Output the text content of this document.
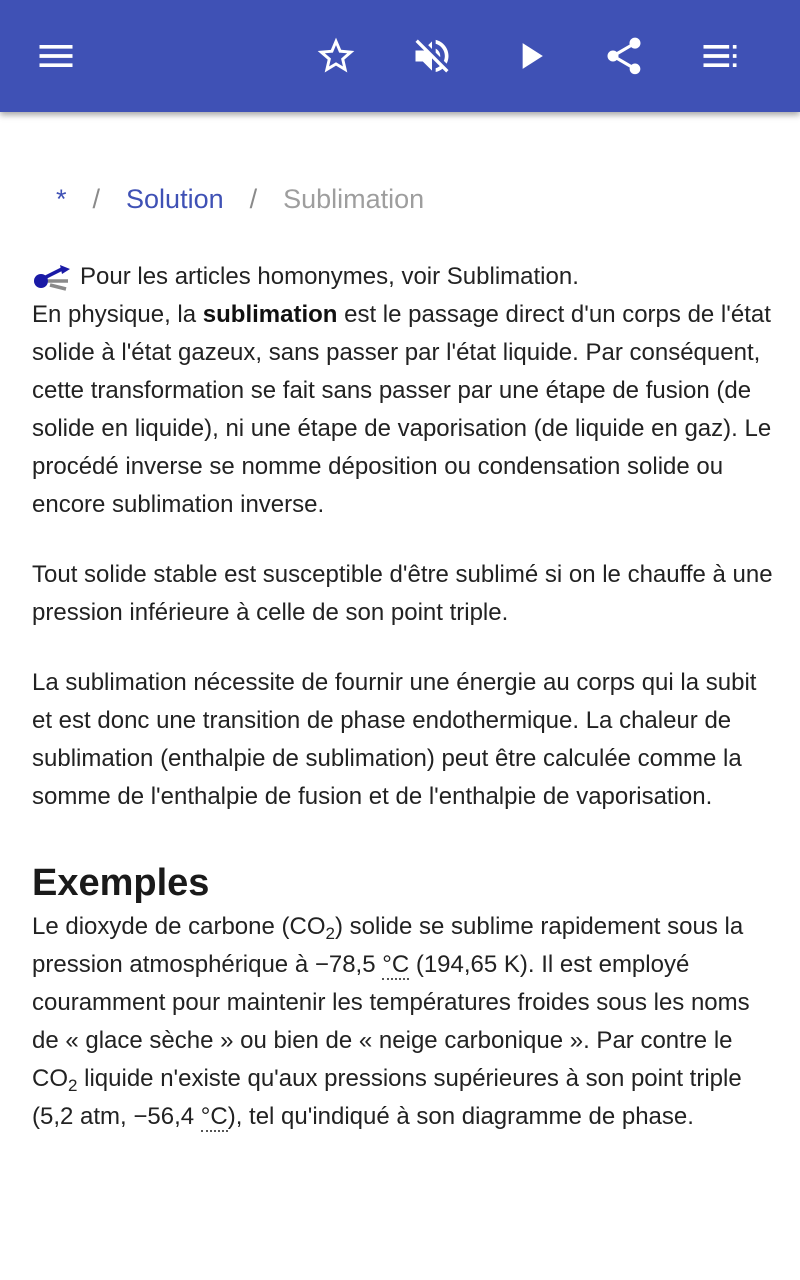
* / Solution / Sublimation

Pour les articles homonymes, voir Sublimation.

En physique, la sublimation est le passage direct d'un corps de l'état solide à l'état gazeux, sans passer par l'état liquide. Par conséquent, cette transformation se fait sans passer par une étape de fusion (de solide en liquide), ni une étape de vaporisation (de liquide en gaz). Le procédé inverse se nomme déposition ou condensation solide ou encore sublimation inverse.

Tout solide stable est susceptible d'être sublimé si on le chauffe à une pression inférieure à celle de son point triple.

La sublimation nécessite de fournir une énergie au corps qui la subit et est donc une transition de phase endothermique. La chaleur de sublimation (enthalpie de sublimation) peut être calculée comme la somme de l'enthalpie de fusion et de l'enthalpie de vaporisation.

Exemples

Le dioxyde de carbone $(CO_2)$ solide se sublime rapidement sous la pression atmosphérique à −78,5 °C (194,65 K). Il est employé couramment pour maintenir les températures froides sous les noms de « glace sèche » ou bien de « neige carbonique ». Par contre le $CO_2$ liquide n'existe qu'aux pressions supérieures à son point triple (5,2 atm, −56,4 °C), tel qu'indiqué à son diagramme de phase.
